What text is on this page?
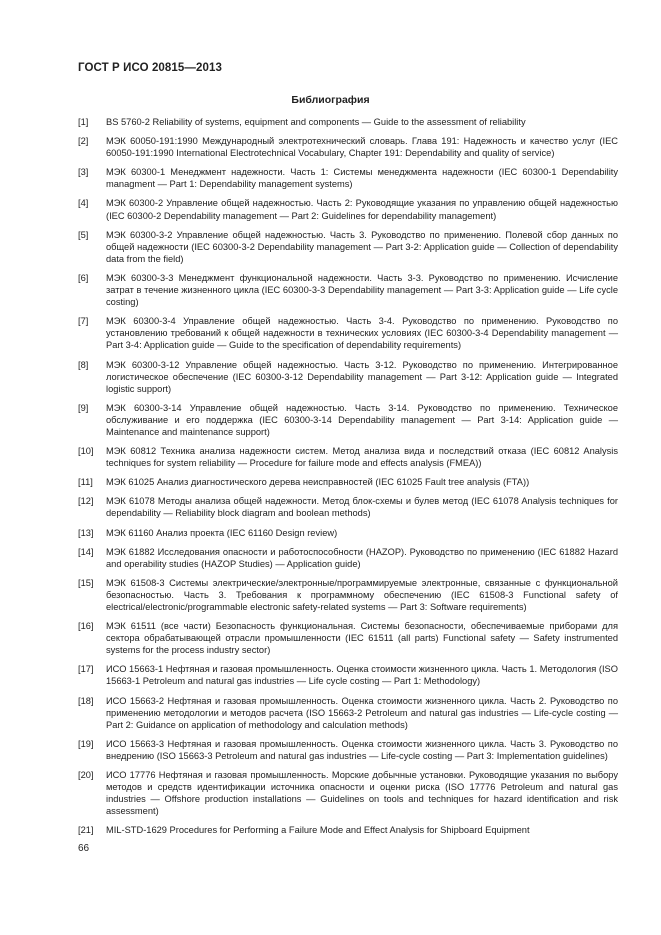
ГОСТ Р ИСО 20815—2013
Библиография
[1]	BS 5760-2 Reliability of systems, equipment and components — Guide to the assessment of reliability
[2]	МЭК 60050-191:1990 Международный электротехнический словарь. Глава 191: Надежность и качество услуг (IEC 60050-191:1990 International Electrotechnical Vocabulary, Chapter 191: Dependability and quality of service)
[3]	МЭК 60300-1 Менеджмент надежности. Часть 1: Системы менеджмента надежности (IEC 60300-1 Dependability managment — Part 1: Dependability management systems)
[4]	МЭК 60300-2 Управление общей надежностью. Часть 2: Руководящие указания по управлению общей надежностью (IEC 60300-2 Dependability management — Part 2: Guidelines for dependability management)
[5]	МЭК 60300-3-2 Управление общей надежностью. Часть 3. Руководство по применению. Полевой сбор данных по общей надежности (IEC 60300-3-2 Dependability management — Part 3-2: Application guide — Collection of dependability data from the field)
[6]	МЭК 60300-3-3 Менеджмент функциональной надежности. Часть 3-3. Руководство по применению. Исчисление затрат в течение жизненного цикла (IEC 60300-3-3 Dependability management — Part 3-3: Application guide — Life cycle costing)
[7]	МЭК 60300-3-4 Управление общей надежностью. Часть 3-4. Руководство по применению. Руководство по установлению требований к общей надежности в технических условиях (IEC 60300-3-4 Dependability management — Part 3-4: Application guide — Guide to the specification of dependability requirements)
[8]	МЭК 60300-3-12 Управление общей надежностью. Часть 3-12. Руководство по применению. Интегрированное логистическое обеспечение (IEC 60300-3-12 Dependability management — Part 3-12: Application guide — Integrated logistic support)
[9]	МЭК 60300-3-14 Управление общей надежностью. Часть 3-14. Руководство по применению. Техническое обслуживание и его поддержка (IEC 60300-3-14 Dependability management — Part 3-14: Application guide — Maintenance and maintenance support)
[10]	МЭК 60812 Техника анализа надежности систем. Метод анализа вида и последствий отказа (IEC 60812 Analysis techniques for system reliability — Procedure for failure mode and effects analysis (FMEA))
[11]	МЭК 61025 Анализ диагностического дерева неисправностей (IEC 61025 Fault tree analysis (FTA))
[12]	МЭК 61078 Методы анализа общей надежности. Метод блок-схемы и булев метод (IEC 61078 Analysis techniques for dependability — Reliability block diagram and boolean methods)
[13]	МЭК 61160 Анализ проекта (IEC 61160 Design review)
[14]	МЭК 61882 Исследования опасности и работоспособности (HAZOP). Руководство по применению (IEC 61882 Hazard and operability studies (HAZOP Studies) — Application guide)
[15]	МЭК 61508-3 Системы электрические/электронные/программируемые электронные, связанные с функциональной безопасностью. Часть 3. Требования к программному обеспечению (IEC 61508-3 Functional safety of electrical/electronic/programmable electronic safety-related systems — Part 3: Software requirements)
[16]	МЭК 61511 (все части) Безопасность функциональная. Системы безопасности, обеспечиваемые приборами для сектора обрабатывающей отрасли промышленности (IEC 61511 (all parts) Functional safety — Safety instrumented systems for the process industry sector)
[17]	ИСО 15663-1 Нефтяная и газовая промышленность. Оценка стоимости жизненного цикла. Часть 1. Методология (ISO 15663-1 Petroleum and natural gas industries — Life cycle costing — Part 1: Methodology)
[18]	ИСО 15663-2 Нефтяная и газовая промышленность. Оценка стоимости жизненного цикла. Часть 2. Руководство по применению методологии и методов расчета (ISO 15663-2 Petroleum and natural gas industries — Life-cycle costing — Part 2: Guidance on application of methodology and calculation methods)
[19]	ИСО 15663-3 Нефтяная и газовая промышленность. Оценка стоимости жизненного цикла. Часть 3. Руководство по внедрению (ISO 15663-3 Petroleum and natural gas industries — Life-cycle costing — Part 3: Implementation guidelines)
[20]	ИСО 17776 Нефтяная и газовая промышленность. Морские добычные установки. Руководящие указания по выбору методов и средств идентификации источника опасности и оценки риска (ISO 17776 Petroleum and natural gas industries — Offshore production installations — Guidelines on tools and techniques for hazard identification and risk assessment)
[21]	MIL-STD-1629 Procedures for Performing a Failure Mode and Effect Analysis for Shipboard Equipment
66
